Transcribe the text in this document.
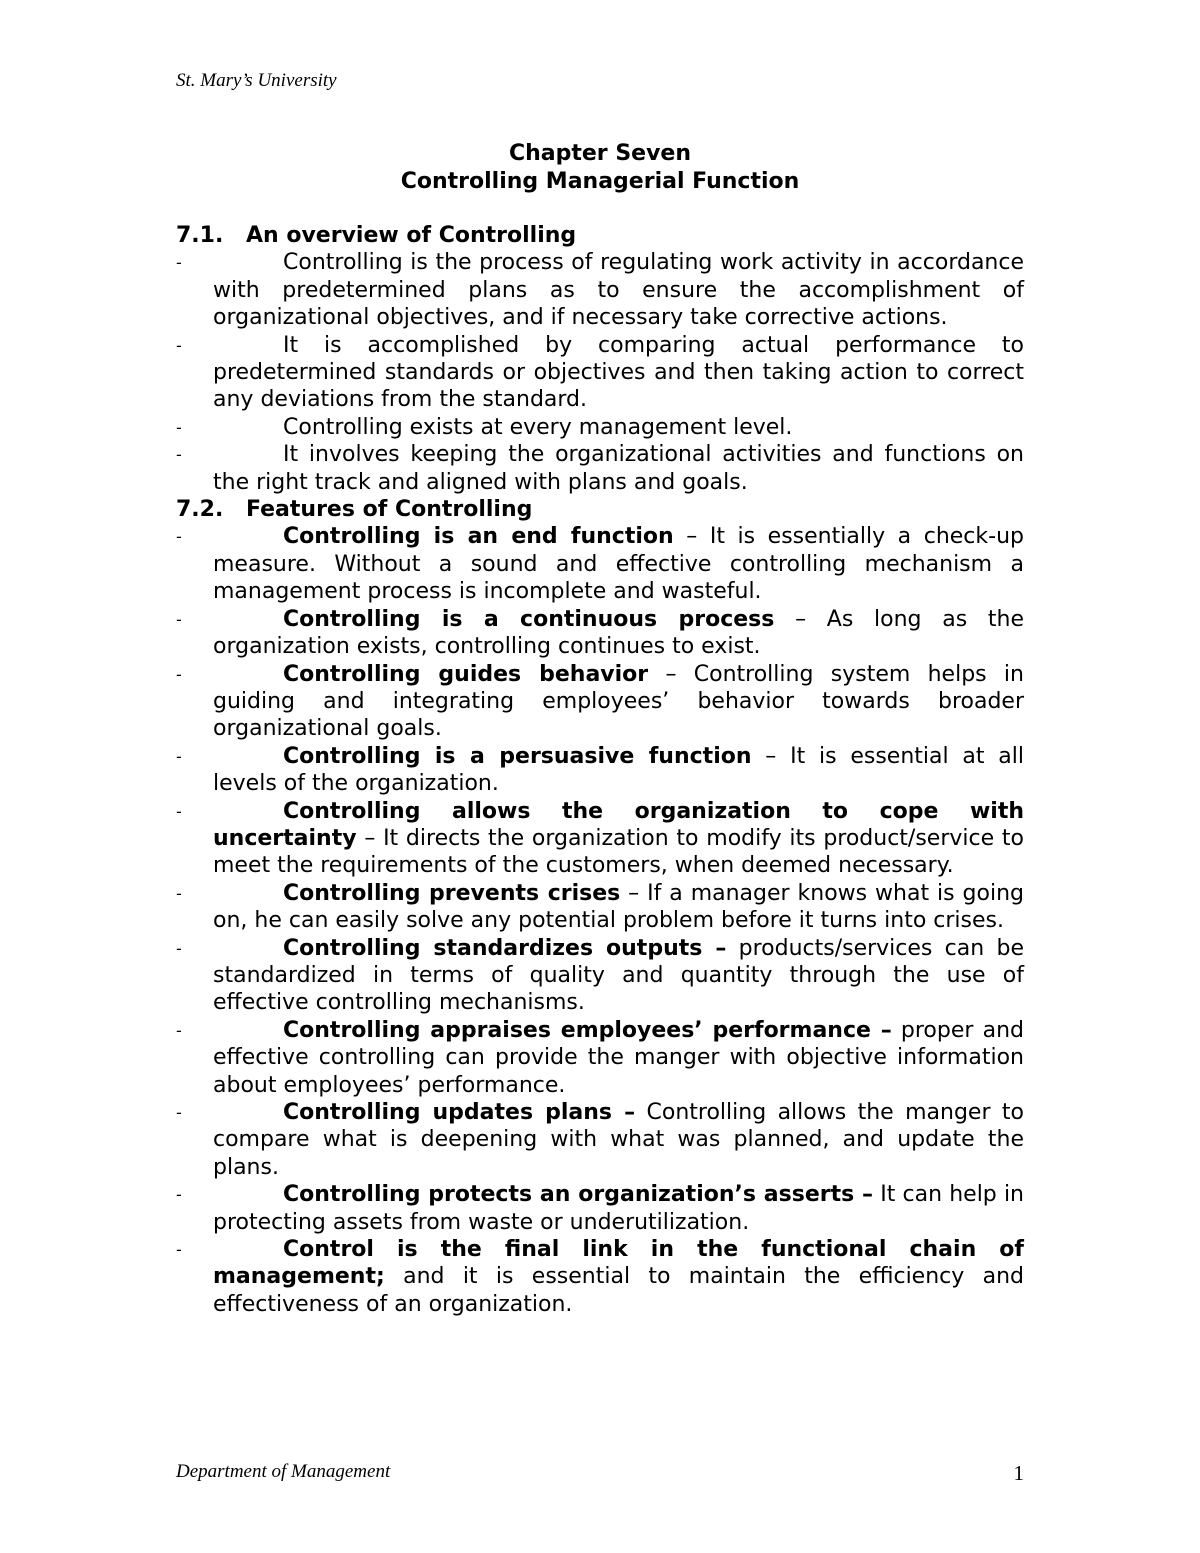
St. Mary’s University
Chapter Seven
Controlling Managerial Function
7.1. An overview of Controlling
-	Controlling is the process of regulating work activity in accordance with predetermined plans as to ensure the accomplishment of organizational objectives, and if necessary take corrective actions.
-	It is accomplished by comparing actual performance to predetermined standards or objectives and then taking action to correct any deviations from the standard.
-	Controlling exists at every management level.
-	It involves keeping the organizational activities and functions on the right track and aligned with plans and goals.
7.2. Features of Controlling
-	Controlling is an end function – It is essentially a check-up measure. Without a sound and effective controlling mechanism a management process is incomplete and wasteful.
-	Controlling is a continuous process – As long as the organization exists, controlling continues to exist.
-	Controlling guides behavior – Controlling system helps in guiding and integrating employees’ behavior towards broader organizational goals.
-	Controlling is a persuasive function – It is essential at all levels of the organization.
-	Controlling allows the organization to cope with uncertainty – It directs the organization to modify its product/service to meet the requirements of the customers, when deemed necessary.
-	Controlling prevents crises – If a manager knows what is going on, he can easily solve any potential problem before it turns into crises.
-	Controlling standardizes outputs – products/services can be standardized in terms of quality and quantity through the use of effective controlling mechanisms.
-	Controlling appraises employees’ performance – proper and effective controlling can provide the manger with objective information about employees’ performance.
-	Controlling updates plans – Controlling allows the manger to compare what is deepening with what was planned, and update the plans.
-	Controlling protects an organization’s asserts – It can help in protecting assets from waste or underutilization.
-	Control is the final link in the functional chain of management; and it is essential to maintain the efficiency and effectiveness of an organization.
Department of Management	1
